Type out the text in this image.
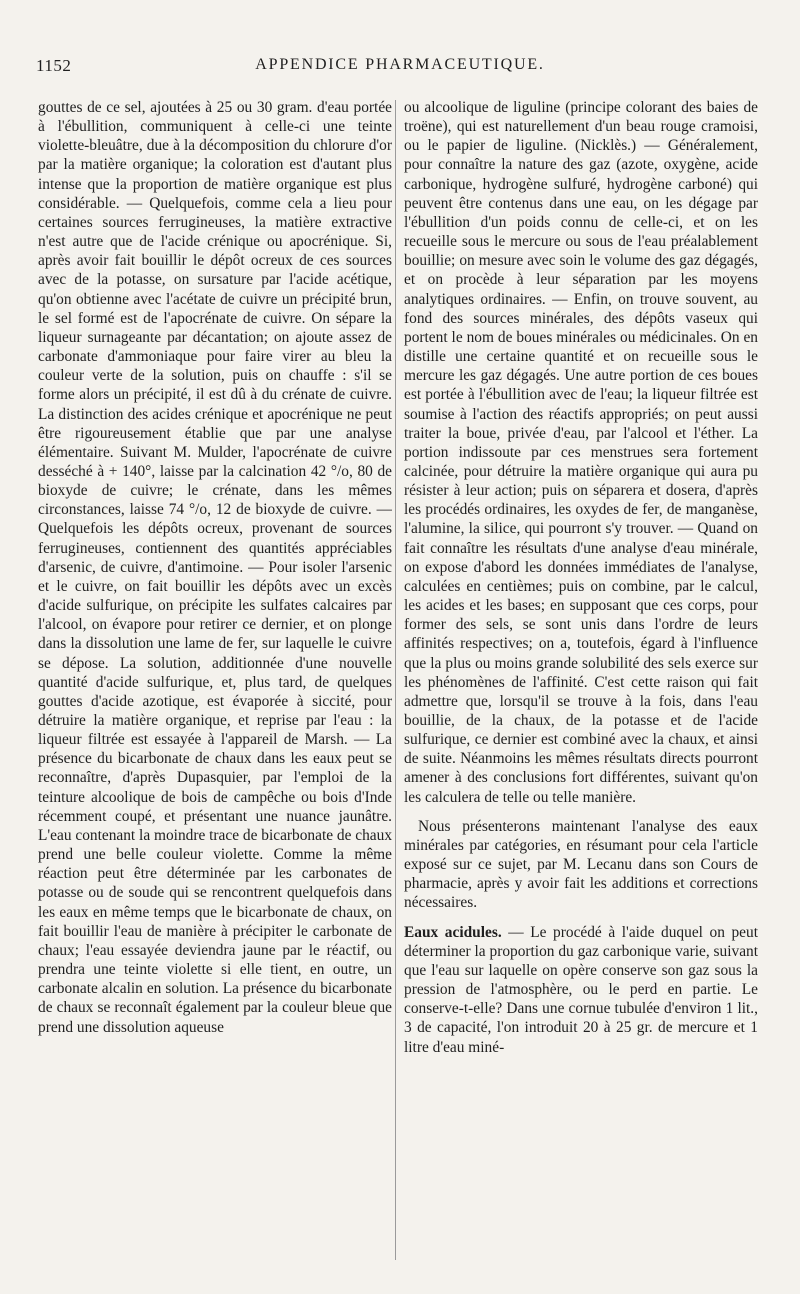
1152	APPENDICE PHARMACEUTIQUE.

gouttes de ce sel, ajoutées à 25 ou 30 gram. d'eau portée à l'ébullition, communiquent à celle-ci une teinte violette-bleuâtre, due à la décomposition du chlorure d'or par la matière organique; la coloration est d'autant plus intense que la proportion de matière organique est plus considérable. — Quelquefois, comme cela a lieu pour certaines sources ferrugineuses, la matière extractive n'est autre que de l'acide crénique ou apocrénique. Si, après avoir fait bouillir le dépôt ocreux de ces sources avec de la potasse, on sursature par l'acide acétique, qu'on obtienne avec l'acétate de cuivre un précipité brun, le sel formé est de l'apocrénate de cuivre. On sépare la liqueur surnageante par décantation; on ajoute assez de carbonate d'ammoniaque pour faire virer au bleu la couleur verte de la solution, puis on chauffe : s'il se forme alors un précipité, il est dû à du crénate de cuivre. La distinction des acides crénique et apocrénique ne peut être rigoureusement établie que par une analyse élémentaire. Suivant M. Mulder, l'apocrénate de cuivre desséché à + 140°, laisse par la calcination 42 °/o, 80 de bioxyde de cuivre; le crénate, dans les mêmes circonstances, laisse 74 °/o, 12 de bioxyde de cuivre. — Quelquefois les dépôts ocreux, provenant de sources ferrugineuses, contiennent des quantités appréciables d'arsenic, de cuivre, d'antimoine. — Pour isoler l'arsenic et le cuivre, on fait bouillir les dépôts avec un excès d'acide sulfurique, on précipite les sulfates calcaires par l'alcool, on évapore pour retirer ce dernier, et on plonge dans la dissolution une lame de fer, sur laquelle le cuivre se dépose. La solution, additionnée d'une nouvelle quantité d'acide sulfurique, et, plus tard, de quelques gouttes d'acide azotique, est évaporée à siccité, pour détruire la matière organique, et reprise par l'eau : la liqueur filtrée est essayée à l'appareil de Marsh. — La présence du bicarbonate de chaux dans les eaux peut se reconnaître, d'après Dupasquier, par l'emploi de la teinture alcoolique de bois de campêche ou bois d'Inde récemment coupé, et présentant une nuance jaunâtre. L'eau contenant la moindre trace de bicarbonate de chaux prend une belle couleur violette. Comme la même réaction peut être déterminée par les carbonates de potasse ou de soude qui se rencontrent quelquefois dans les eaux en même temps que le bicarbonate de chaux, on fait bouillir l'eau de manière à précipiter le carbonate de chaux; l'eau essayée deviendra jaune par le réactif, ou prendra une teinte violette si elle tient, en outre, un carbonate alcalin en solution. La présence du bicarbonate de chaux se reconnaît également par la couleur bleue que prend une dissolution aqueuse

ou alcoolique de liguline (principe colorant des baies de troëne), qui est naturellement d'un beau rouge cramoisi, ou le papier de liguline. (Nicklès.) — Généralement, pour connaître la nature des gaz (azote, oxygène, acide carbonique, hydrogène sulfuré, hydrogène carboné) qui peuvent être contenus dans une eau, on les dégage par l'ébullition d'un poids connu de celle-ci, et on les recueille sous le mercure ou sous de l'eau préalablement bouillie; on mesure avec soin le volume des gaz dégagés, et on procède à leur séparation par les moyens analytiques ordinaires. — Enfin, on trouve souvent, au fond des sources minérales, des dépôts vaseux qui portent le nom de boues minérales ou médicinales. On en distille une certaine quantité et on recueille sous le mercure les gaz dégagés. Une autre portion de ces boues est portée à l'ébullition avec de l'eau; la liqueur filtrée est soumise à l'action des réactifs appropriés; on peut aussi traiter la boue, privée d'eau, par l'alcool et l'éther. La portion indissoute par ces menstrues sera fortement calcinée, pour détruire la matière organique qui aura pu résister à leur action; puis on séparera et dosera, d'après les procédés ordinaires, les oxydes de fer, de manganèse, l'alumine, la silice, qui pourront s'y trouver. — Quand on fait connaître les résultats d'une analyse d'eau minérale, on expose d'abord les données immédiates de l'analyse, calculées en centièmes; puis on combine, par le calcul, les acides et les bases; en supposant que ces corps, pour former des sels, se sont unis dans l'ordre de leurs affinités respectives; on a, toutefois, égard à l'influence que la plus ou moins grande solubilité des sels exerce sur les phénomènes de l'affinité. C'est cette raison qui fait admettre que, lorsqu'il se trouve à la fois, dans l'eau bouillie, de la chaux, de la potasse et de l'acide sulfurique, ce dernier est combiné avec la chaux, et ainsi de suite. Néanmoins les mêmes résultats directs pourront amener à des conclusions fort différentes, suivant qu'on les calculera de telle ou telle manière.

Nous présenterons maintenant l'analyse des eaux minérales par catégories, en résumant pour cela l'article exposé sur ce sujet, par M. Lecanu dans son Cours de pharmacie, après y avoir fait les additions et corrections nécessaires.

Eaux acidules. — Le procédé à l'aide duquel on peut déterminer la proportion du gaz carbonique varie, suivant que l'eau sur laquelle on opère conserve son gaz sous la pression de l'atmosphère, ou le perd en partie. Le conserve-t-elle? Dans une cornue tubulée d'environ 1 lit., 3 de capacité, l'on introduit 20 à 25 gr. de mercure et 1 litre d'eau miné-
